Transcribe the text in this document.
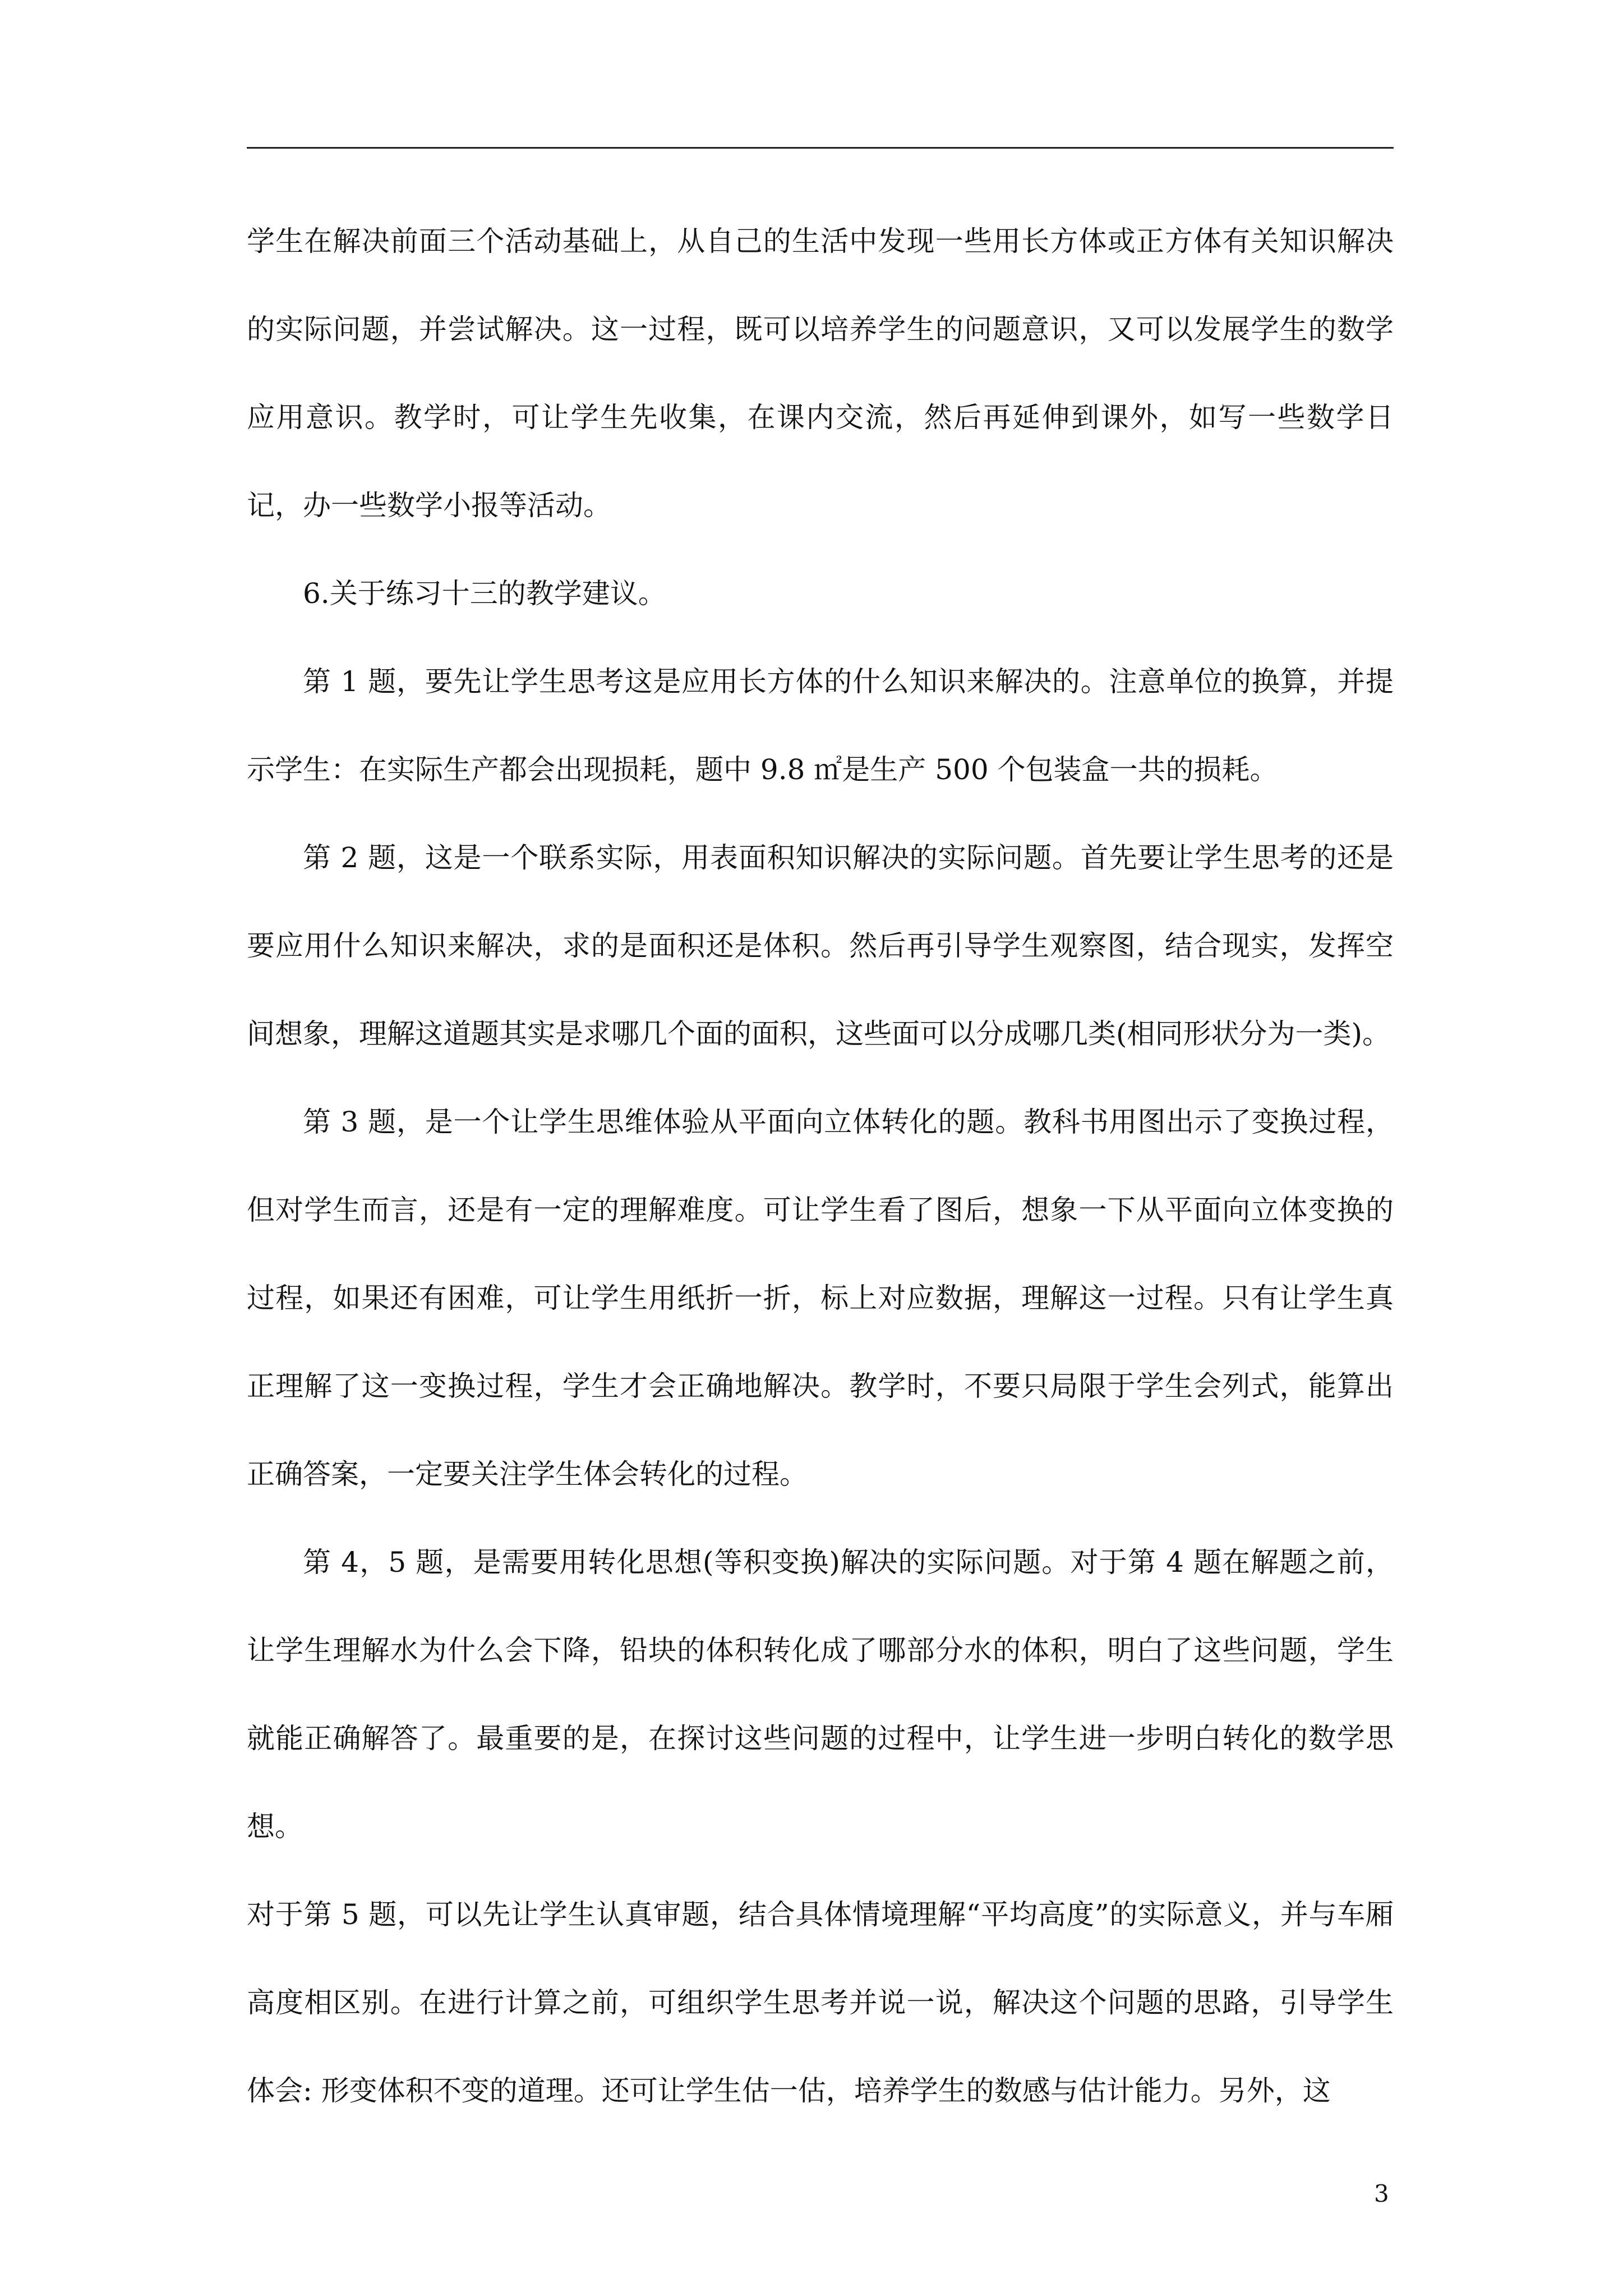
学生在解决前面三个活动基础上，从自己的生活中发现一些用长方体或正方体有关知识解决的实际问题，并尝试解决。这一过程，既可以培养学生的问题意识，又可以发展学生的数学应用意识。教学时，可让学生先收集，在课内交流，然后再延伸到课外，如写一些数学日记，办一些数学小报等活动。

6.关于练习十三的教学建议。

第 1 题，要先让学生思考这是应用长方体的什么知识来解决的。注意单位的换算，并提示学生：在实际生产都会出现损耗，题中 9.8 ㎡是生产 500 个包装盒一共的损耗。

第 2 题，这是一个联系实际，用表面积知识解决的实际问题。首先要让学生思考的还是要应用什么知识来解决，求的是面积还是体积。然后再引导学生观察图，结合现实，发挥空间想象，理解这道题其实是求哪几个面的面积，这些面可以分成哪几类(相同形状分为一类)。

第 3 题，是一个让学生思维体验从平面向立体转化的题。教科书用图出示了变换过程，但对学生而言，还是有一定的理解难度。可让学生看了图后，想象一下从平面向立体变换的过程，如果还有困难，可让学生用纸折一折，标上对应数据，理解这一过程。只有让学生真正理解了这一变换过程，学生才会正确地解决。教学时，不要只局限于学生会列式，能算出正确答案，一定要关注学生体会转化的过程。

第 4，5 题，是需要用转化思想(等积变换)解决的实际问题。对于第 4 题在解题之前，让学生理解水为什么会下降，铅块的体积转化成了哪部分水的体积，明白了这些问题，学生就能正确解答了。最重要的是，在探讨这些问题的过程中，让学生进一步明白转化的数学思想。

对于第 5 题，可以先让学生认真审题，结合具体情境理解“平均高度”的实际意义，并与车厢高度相区别。在进行计算之前，可组织学生思考并说一说，解决这个问题的思路，引导学生体会: 形变体积不变的道理。还可让学生估一估，培养学生的数感与估计能力。另外，这

3
